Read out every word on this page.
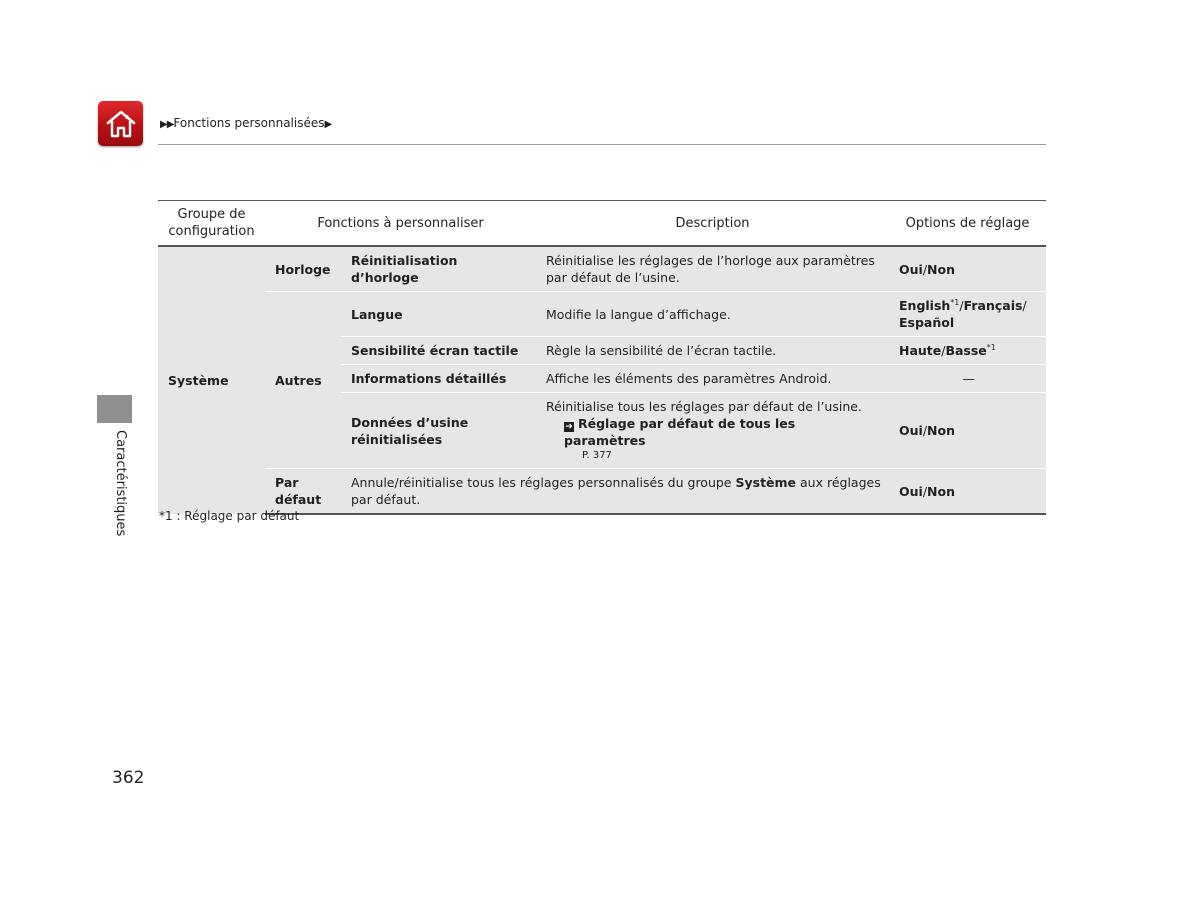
▶▶Fonctions personnalisées▶
Caractéristiques
Groupe de configuration	Fonctions à personnaliser		Description	Options de réglage
Système	Horloge	Réinitialisation d’horloge	Réinitialise les réglages de l’horloge aux paramètres par défaut de l’usine.	Oui/Non
	Autres	Langue	Modifie la langue d’affichage.	English$^{*1}$/Français/
Español
		Sensibilité écran tactile	Règle la sensibilité de l’écran tactile.	Haute/Basse$^{*1}$
		Informations détaillés	Affiche les éléments des paramètres Android.	—
		Données d’usine réinitialisées	Réinitialise tous les réglages par défaut de l’usine.
➜ Réglage par défaut de tous les paramètres
P. 377	Oui/Non
	Par défaut	Annule/réinitialise tous les réglages personnalisés du groupe Système aux réglages par défaut.		Oui/Non
*1 : Réglage par défaut
362
